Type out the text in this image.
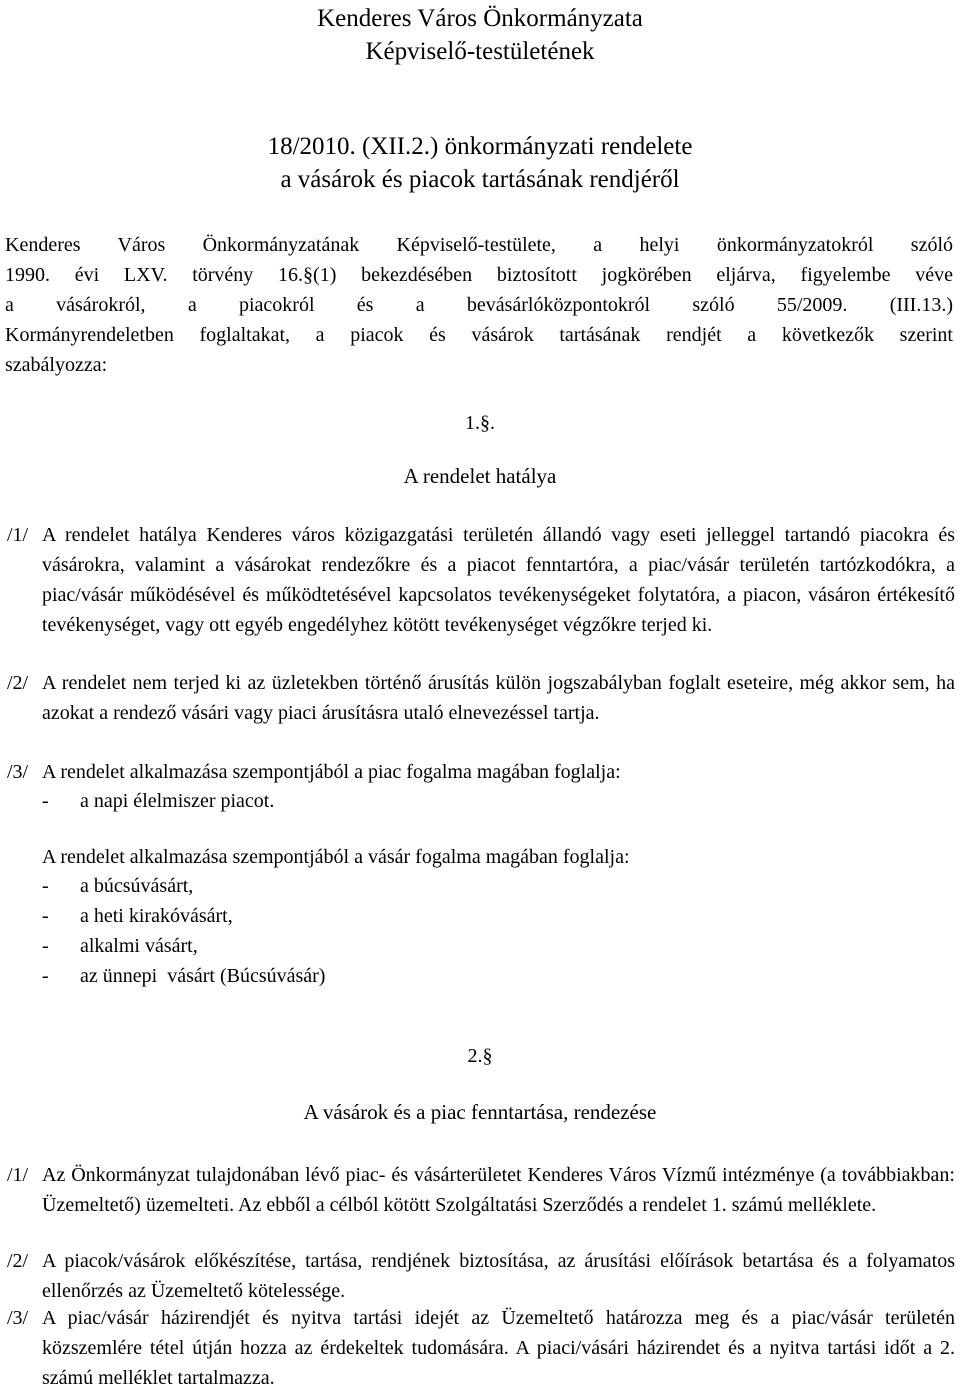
Kenderes Város Önkormányzata
Képviselő-testületének
18/2010. (XII.2.) önkormányzati rendelete
a vásárok és piacok tartásának rendjéről
Kenderes Város Önkormányzatának Képviselő-testülete, a helyi önkormányzatokról szóló
1990. évi LXV. törvény 16.§(1) bekezdésében biztosított jogkörében eljárva, figyelembe véve
a vásárokról, a piacokról és a bevásárlóközpontokról szóló 55/2009. (III.13.)
Kormányrendeletben foglaltakat, a piacok és vásárok tartásának rendjét a következők szerint
szabályozza:
1.§.
A rendelet hatálya
/1/ A rendelet hatálya Kenderes város közigazgatási területén állandó vagy eseti jelleggel tartandó piacokra és vásárokra, valamint a vásárokat rendezőkre és a piacot fenntartóra, a piac/vásár területén tartózkodókra, a piac/vásár működésével és működtetésével kapcsolatos tevékenységeket folytatóra, a piacon, vásáron értékesítő tevékenységet, vagy ott egyéb engedélyhez kötött tevékenységet végzőkre terjed ki.
/2/ A rendelet nem terjed ki az üzletekben történő árusítás külön jogszabályban foglalt eseteire, még akkor sem, ha azokat a rendező vásári vagy piaci árusításra utaló elnevezéssel tartja.
/3/ A rendelet alkalmazása szempontjából a piac fogalma magában foglalja:
-	a napi élelmiszer piacot.
A rendelet alkalmazása szempontjából a vásár fogalma magában foglalja:
-	a búcsúvásárt,
-	a heti kirakóvásárt,
-	alkalmi vásárt,
-	az ünnepi  vásárt (Búcsúvásár)
2.§
A vásárok és a piac fenntartása, rendezése
/1/ Az Önkormányzat tulajdonában lévő piac- és vásárterületet Kenderes Város Vízmű intézménye (a továbbiakban: Üzemeltető) üzemelteti. Az ebből a célból kötött Szolgáltatási Szerződés a rendelet 1. számú melléklete.
/2/ A piacok/vásárok előkészítése, tartása, rendjének biztosítása, az árusítási előírások betartása és a folyamatos ellenőrzés az Üzemeltető kötelessége.
/3/ A piac/vásár házirendjét és nyitva tartási idejét az Üzemeltető határozza meg és a piac/vásár területén közszemlére tétel útján hozza az érdekeltek tudomására. A piaci/vásári házirendet és a nyitva tartási időt a 2. számú melléklet tartalmazza.
